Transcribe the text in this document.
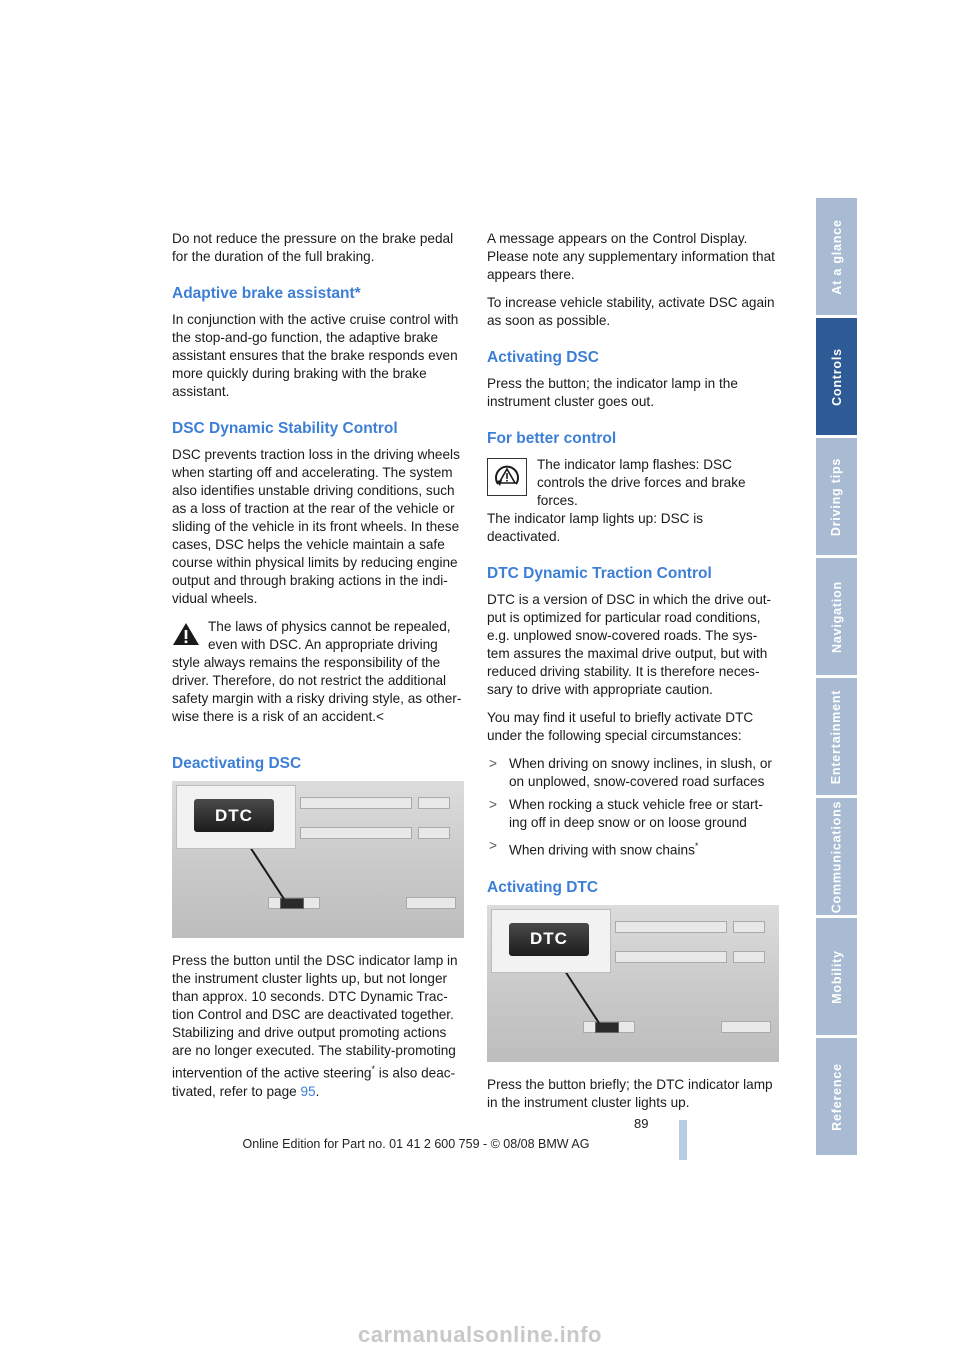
Do not reduce the pressure on the brake pedal for the duration of the full braking.

Adaptive brake assistant*

In conjunction with the active cruise control with the stop-and-go function, the adaptive brake assistant ensures that the brake responds even more quickly during braking with the brake assistant.

DSC Dynamic Stability Control

DSC prevents traction loss in the driving wheels when starting off and accelerating. The system also identifies unstable driving conditions, such as a loss of traction at the rear of the vehicle or sliding of the vehicle in its front wheels. In these cases, DSC helps the vehicle maintain a safe course within physical limits by reducing engine output and through braking actions in the indi-vidual wheels.

The laws of physics cannot be repealed, even with DSC. An appropriate driving style always remains the responsibility of the driver. Therefore, do not restrict the additional safety margin with a risky driving style, as other-wise there is a risk of an accident.<

Deactivating DSC
DTC

Press the button until the DSC indicator lamp in the instrument cluster lights up, but not longer than approx. 10 seconds. DTC Dynamic Trac-tion Control and DSC are deactivated together. Stabilizing and drive output promoting actions are no longer executed. The stability-promoting intervention of the active steering* is also deac-tivated, refer to page 95.

A message appears on the Control Display. Please note any supplementary information that appears there.

To increase vehicle stability, activate DSC again as soon as possible.

Activating DSC

Press the button; the indicator lamp in the instrument cluster goes out.

For better control

The indicator lamp flashes: DSC controls the drive forces and brake forces.

The indicator lamp lights up: DSC is deactivated.

DTC Dynamic Traction Control

DTC is a version of DSC in which the drive out-put is optimized for particular road conditions, e.g. unplowed snow-covered roads. The sys-tem assures the maximal drive output, but with reduced driving stability. It is therefore neces-sary to drive with appropriate caution.

You may find it useful to briefly activate DTC under the following special circumstances:

> When driving on snowy inclines, in slush, or on unplowed, snow-covered road surfaces
> When rocking a stuck vehicle free or start-ing off in deep snow or on loose ground
> When driving with snow chains*
Activating DTC
DTC

Press the button briefly; the DTC indicator lamp in the instrument cluster lights up.

At a glance
Controls
Driving tips
Navigation
Entertainment
Communications
Mobility
Reference
89
Online Edition for Part no. 01 41 2 600 759 - © 08/08 BMW AG
carmanualsonline.info
